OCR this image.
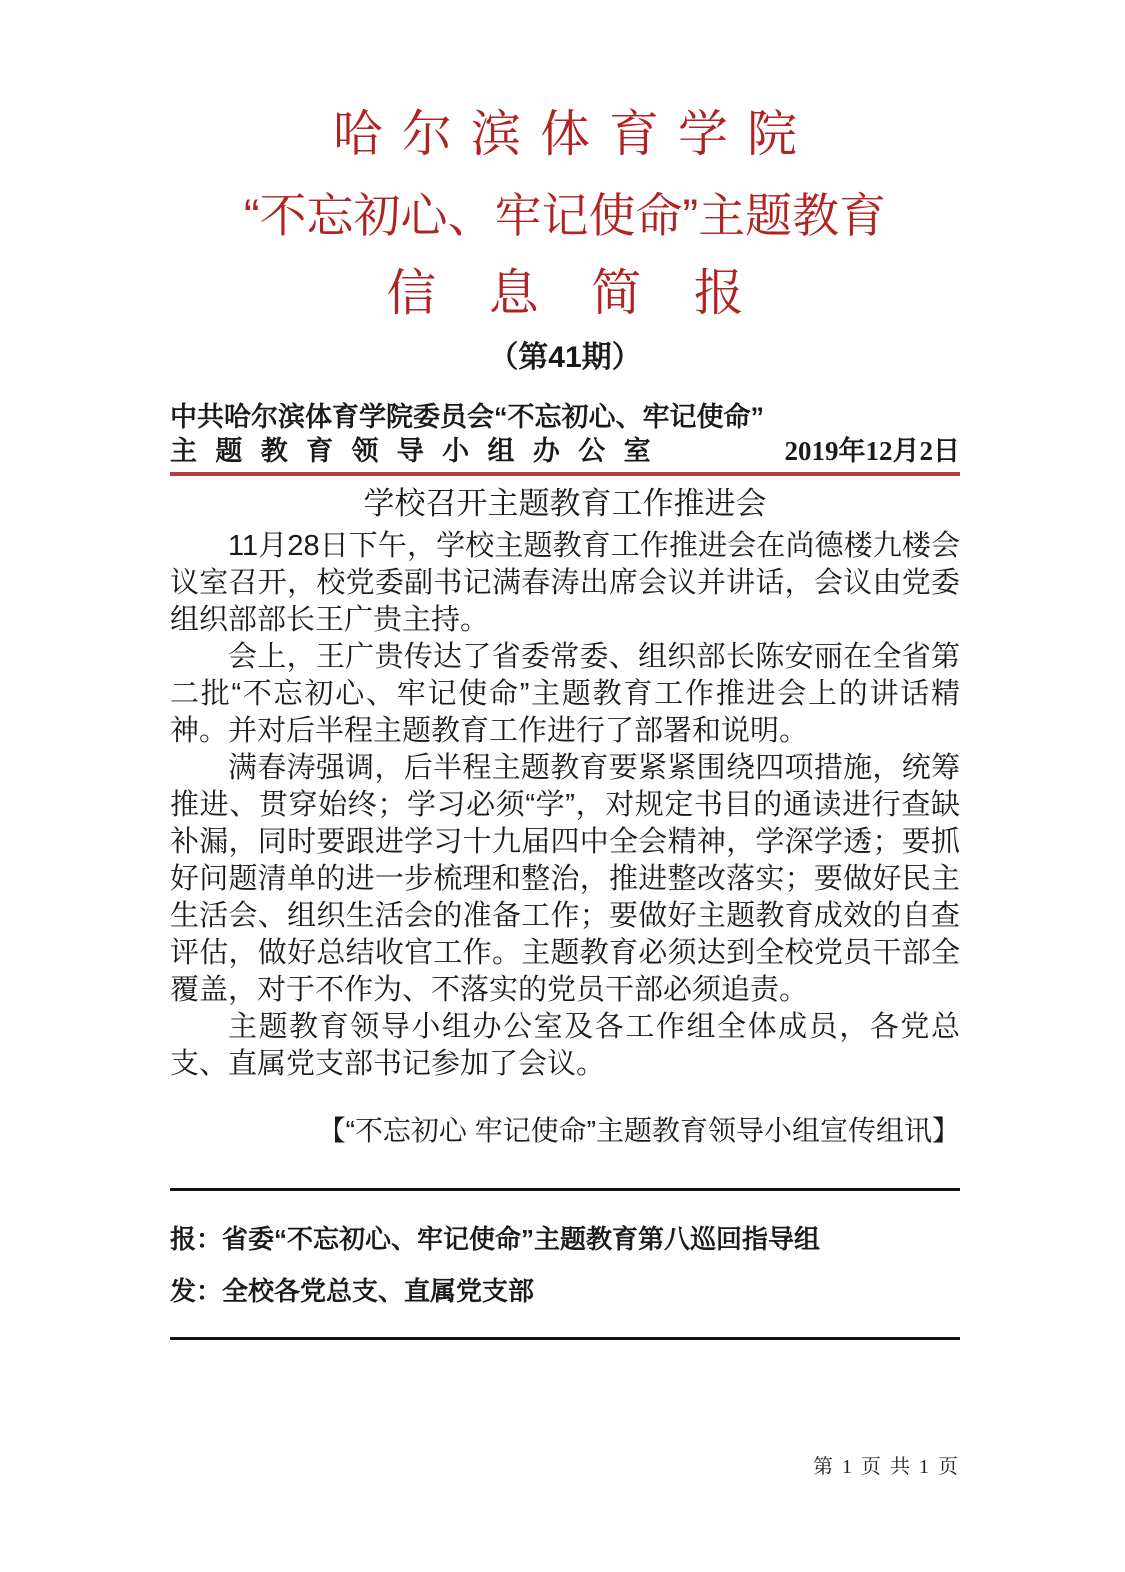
哈尔滨体育学院
“不忘初心、牢记使命”主题教育
信息简报
（第41期）
中共哈尔滨体育学院委员会“不忘初心、牢记使命”
主题教育领导小组办公室	2019年12月2日
学校召开主题教育工作推进会

11月28日下午，学校主题教育工作推进会在尚德楼九楼会议室召开，校党委副书记满春涛出席会议并讲话，会议由党委组织部部长王广贵主持。

会上，王广贵传达了省委常委、组织部长陈安丽在全省第二批“不忘初心、牢记使命”主题教育工作推进会上的讲话精神。并对后半程主题教育工作进行了部署和说明。

满春涛强调，后半程主题教育要紧紧围绕四项措施，统筹推进、贯穿始终；学习必须“学”，对规定书目的通读进行查缺补漏，同时要跟进学习十九届四中全会精神，学深学透；要抓好问题清单的进一步梳理和整治，推进整改落实；要做好民主生活会、组织生活会的准备工作；要做好主题教育成效的自查评估，做好总结收官工作。主题教育必须达到全校党员干部全覆盖，对于不作为、不落实的党员干部必须追责。

主题教育领导小组办公室及各工作组全体成员，各党总支、直属党支部书记参加了会议。

【“不忘初心 牢记使命”主题教育领导小组宣传组讯】

报：省委“不忘初心、牢记使命”主题教育第八巡回指导组

发：全校各党总支、直属党支部

第 1 页 共 1 页
